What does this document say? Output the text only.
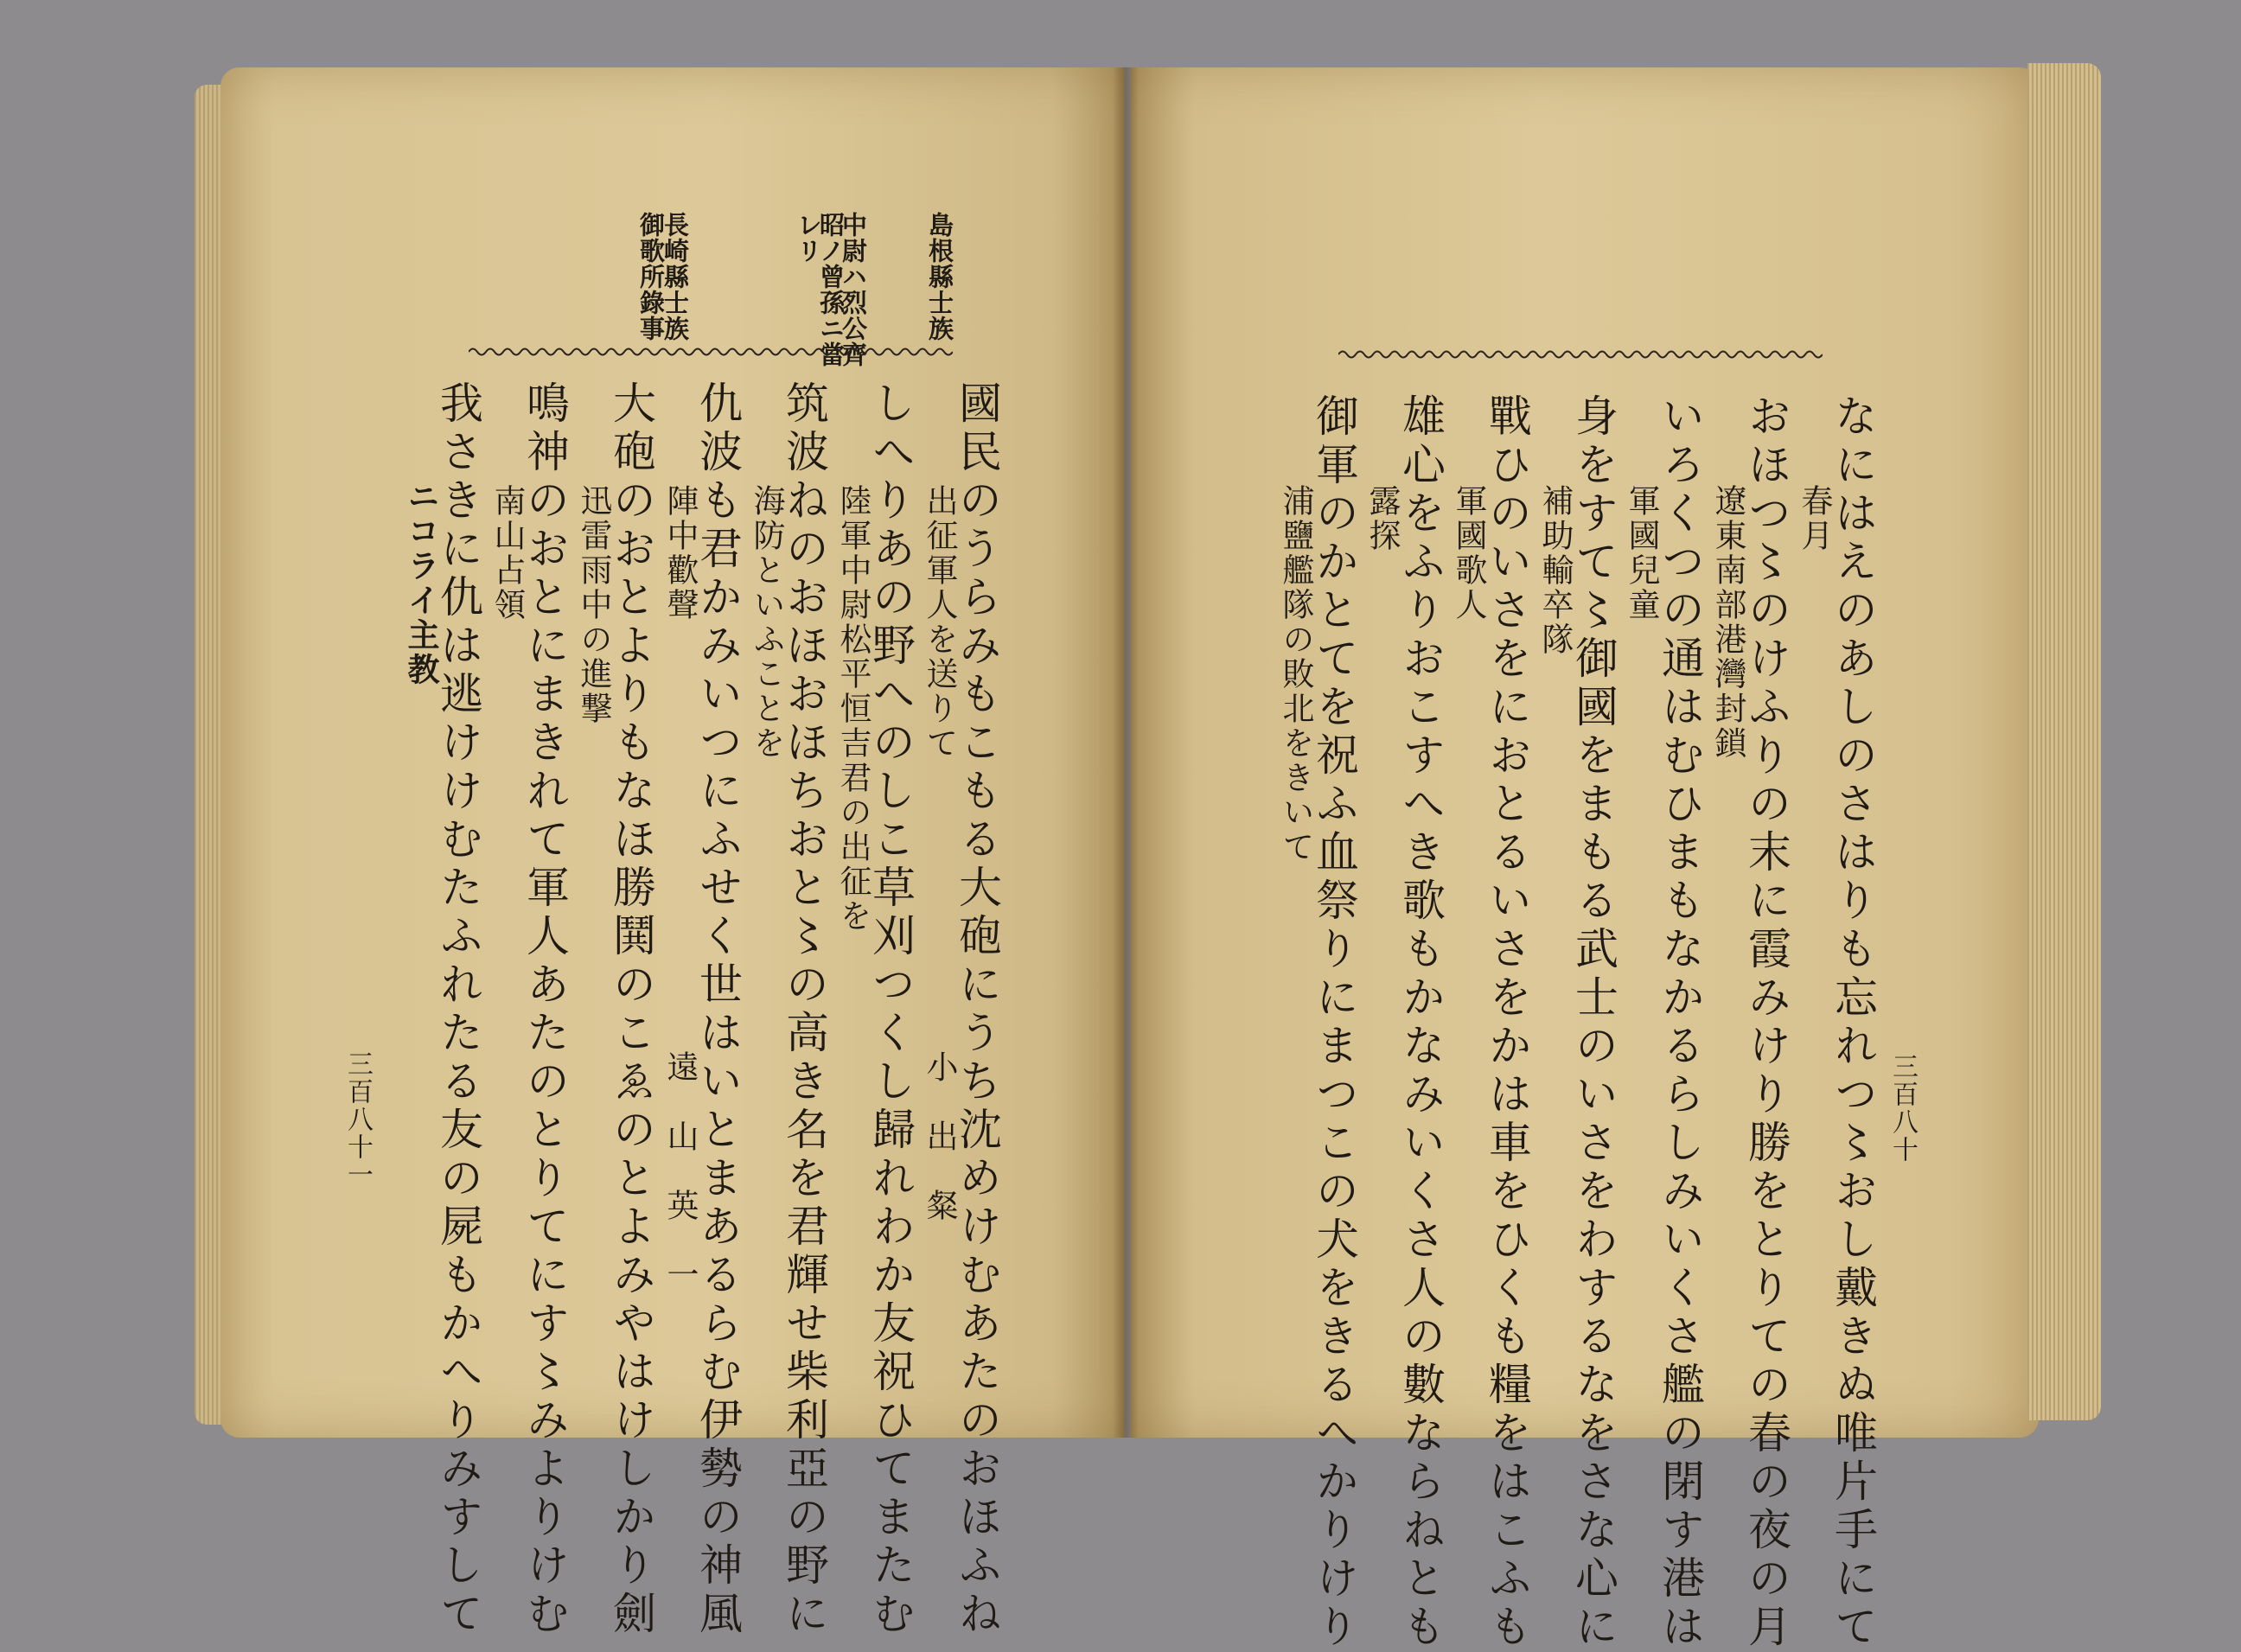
島根縣士族
中尉ハ烈公齊
昭ノ曾孫ニ當
レリ
長崎縣士族
御歌所錄事
國民のうらみもこもる大砲にうち沈めけむあたのおほふね
出征軍人を送りて
小　出　粲
しへりあの野へのしこ草刈つくし歸れわか友祝ひてまたむ
陸軍中尉松平恒吉君の出征を
筑波ねのおほおほちおと〻の高き名を君輝せ柴利亞の野に
海防といふことを
仇波も君かみいつにふせく世はいとまあるらむ伊勢の神風
陣中歡聲
遠　山　英　一
大砲のおとよりもなほ勝鬨のこゑのとよみやはけしかり劍
迅雷雨中の進撃
鳴神のおとにまきれて軍人あたのとりてにす〻みよりけむ
南山占領
我さきに仇は逃けけむたふれたる友の屍もかへりみすして
ニコライ主教
三百八十一	なにはえのあしのさはりも忘れつ〻おし戴きぬ唯片手にて
春月
おほつ〻のけふりの末に霞みけり勝をとりての春の夜の月
遼東南部港灣封鎖
いろくつの通はむひまもなかるらしみいくさ艦の閉す港は
軍國兒童
身をすて〻御國をまもる武士のいさをわするなをさな心に
補助輸卒隊
戰ひのいさをにおとるいさをかは車をひくも糧をはこふも
軍國歌人
雄心をふりおこすへき歌もかなみいくさ人の數ならねとも
露探
御軍のかとてを祝ふ血祭りにまつこの犬をきるへかりけり
浦鹽艦隊の敗北をきいて
三百八十
